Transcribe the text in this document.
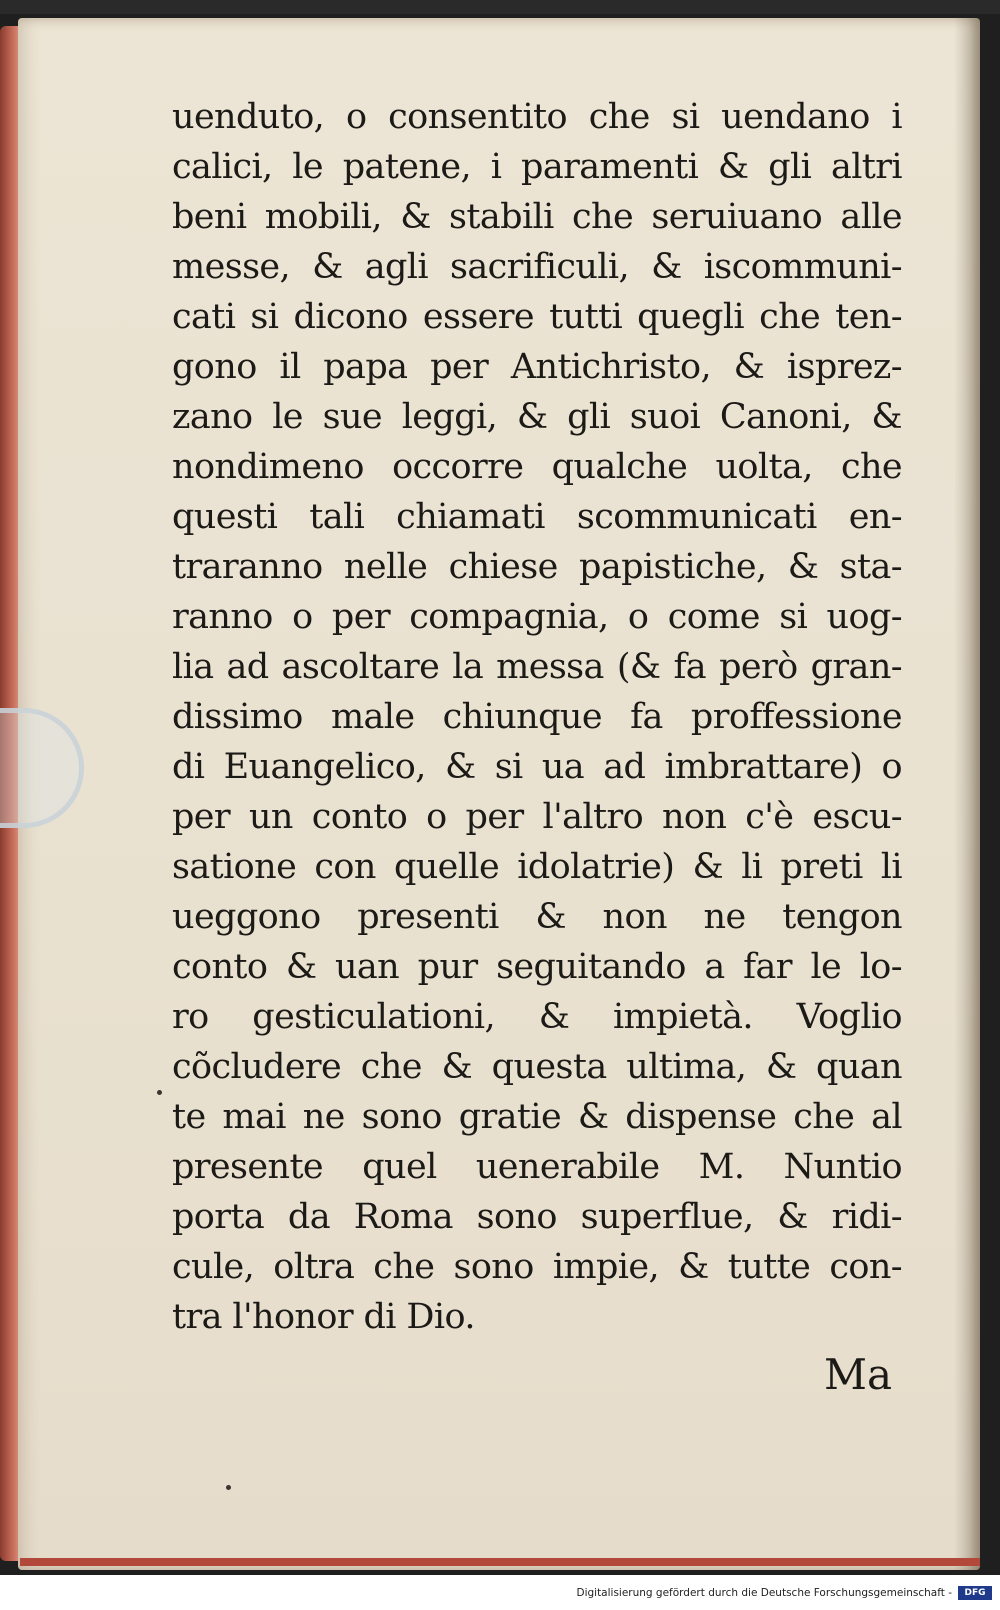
uenduto, o consentito che si uendano i
calici, le patene, i paramenti & gli altri
beni mobili, & stabili che seruiuano alle
messe, & agli sacrificuli, & iscommuni-
cati si dicono essere tutti quegli che ten-
gono il papa per Antichristo, & isprez-
zano le sue leggi, & gli suoi Canoni, &
nondimeno occorre qualche uolta, che
questi tali chiamati scommunicati en-
traranno nelle chiese papistiche, & sta-
ranno o per compagnia, o come si uog-
lia ad ascoltare la messa (& fa però gran-
dissimo male chiunque fa proffessione
di Euangelico, & si ua ad imbrattare) o
per un conto o per l'altro non c'è escu-
satione con quelle idolatrie) & li preti li
ueggono presenti & non ne tengon
conto & uan pur seguitando a far le lo-
ro gesticulationi, & impietà. Voglio
cõcludere che & questa ultima, & quan
te mai ne sono gratie & dispense che al
presente quel uenerabile M. Nuntio
porta da Roma sono superflue, & ridi-
cule, oltra che sono impie, & tutte con-
tra l'honor di Dio.
Ma
Digitalisierung gefördert durch die Deutsche Forschungsgemeinschaft -	DFG
